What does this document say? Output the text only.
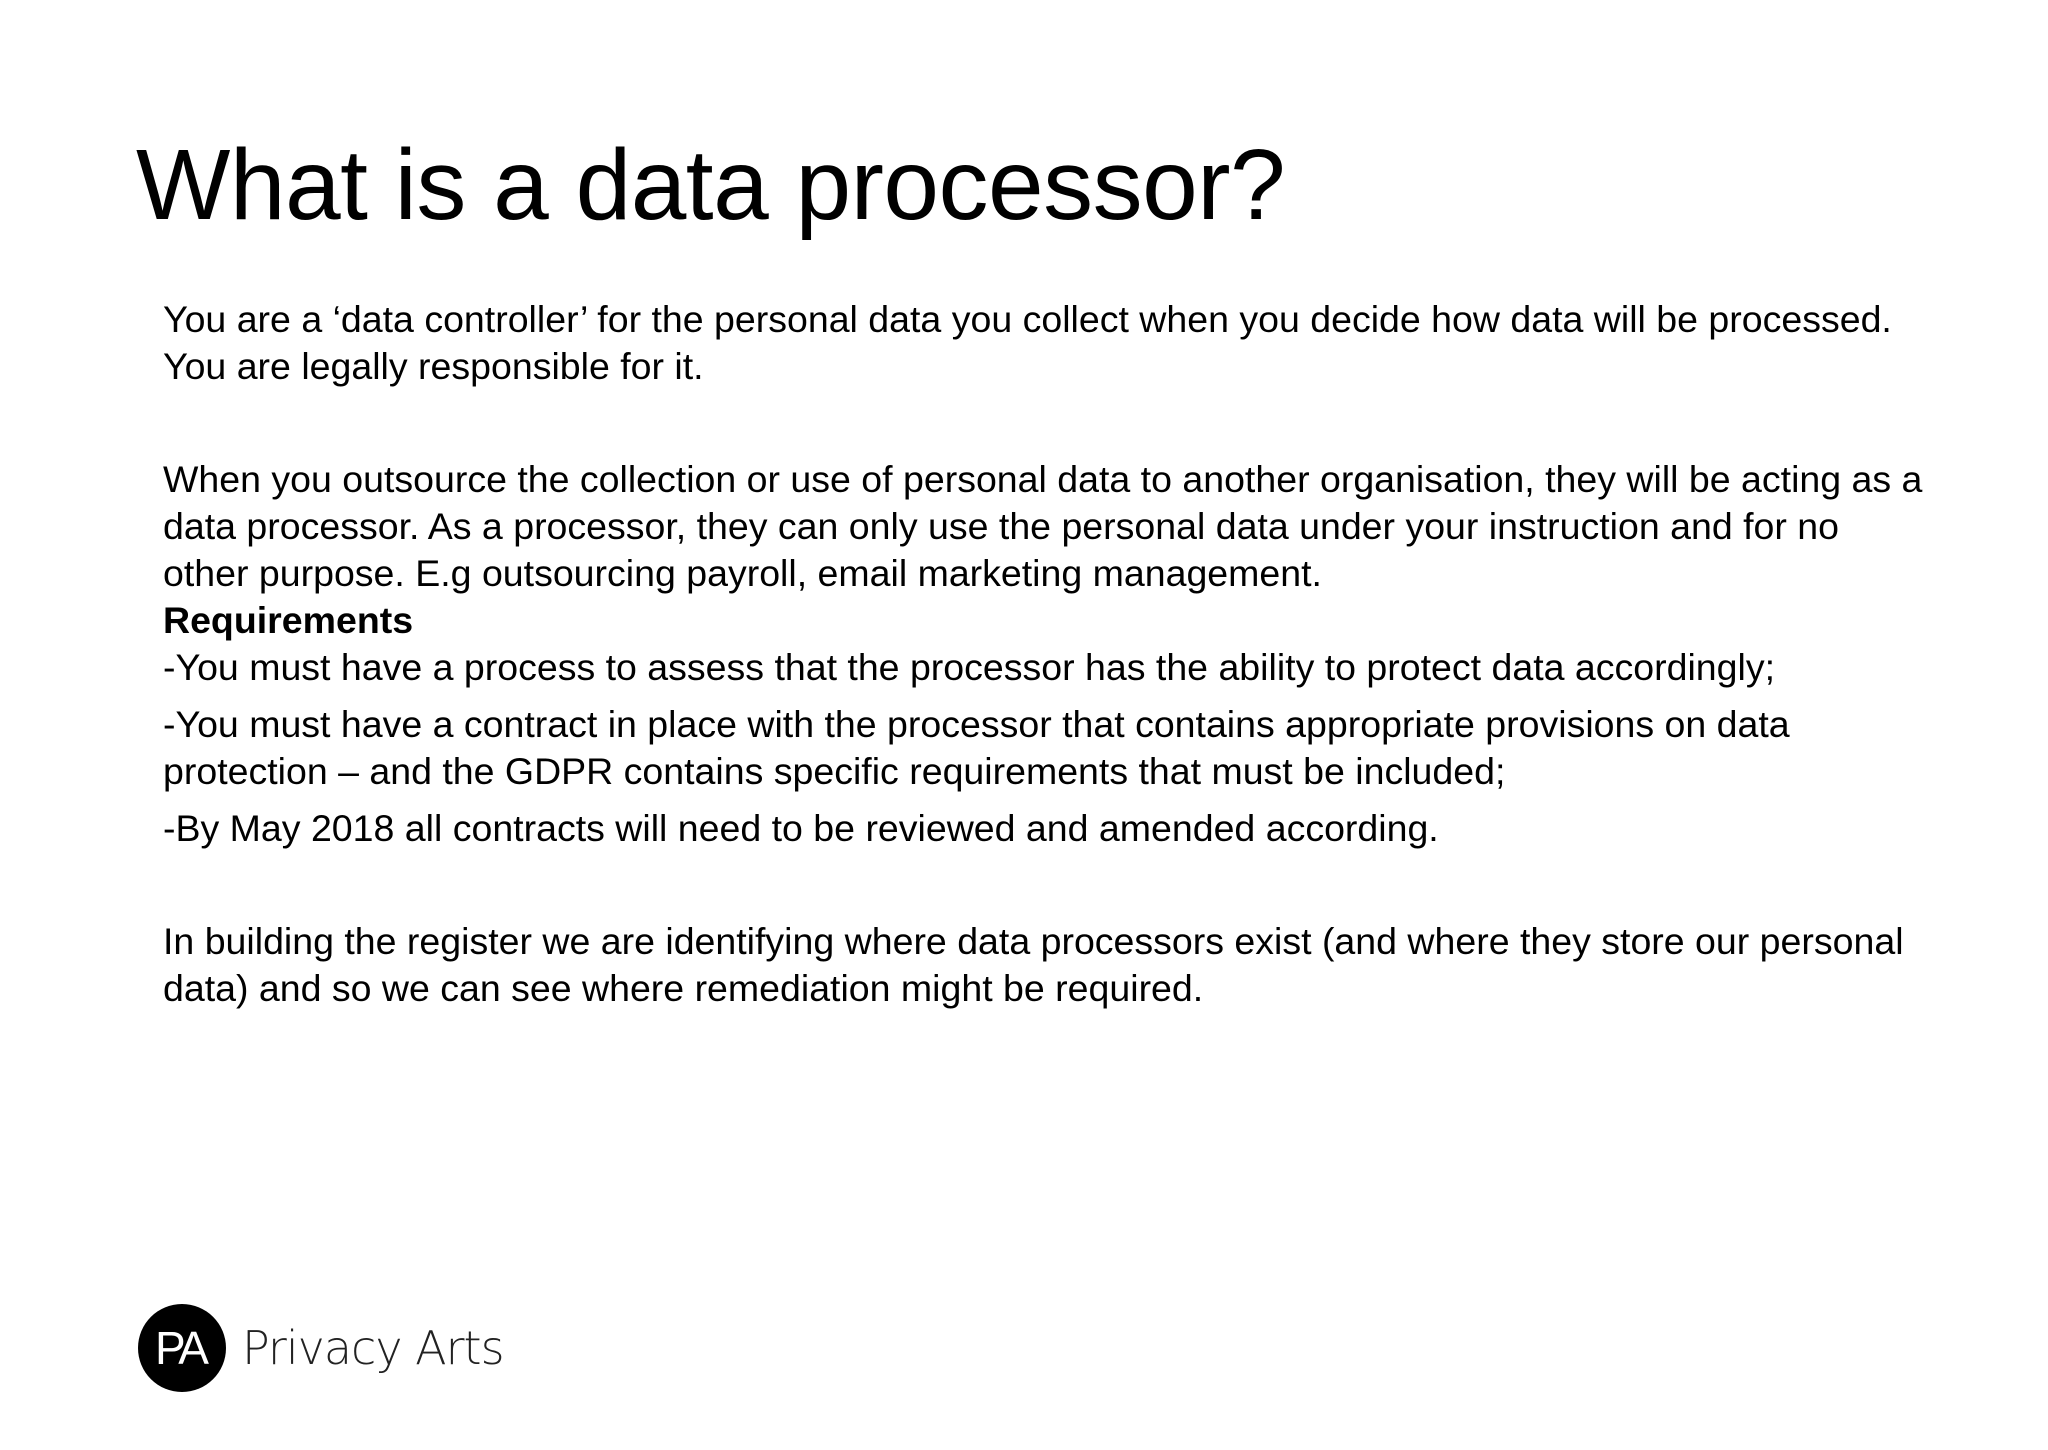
What is a data processor?

You are a ‘data controller’ for the personal data you collect when you decide how data will be processed. You are legally responsible for it.

When you outsource the collection or use of personal data to another organisation, they will be acting as a data processor. As a processor, they can only use the personal data under your instruction and for no other purpose. E.g outsourcing payroll, email marketing management.

Requirements

- You must have a process to assess that the processor has the ability to protect data accordingly;
- You must have a contract in place with the processor that contains appropriate provisions on data protection – and the GDPR contains specific requirements that must be included;
- By May 2018 all contracts will need to be reviewed and amended according.

In building the register we are identifying where data processors exist (and where they store our personal data) and so we can see where remediation might be required.

PA Privacy Arts
